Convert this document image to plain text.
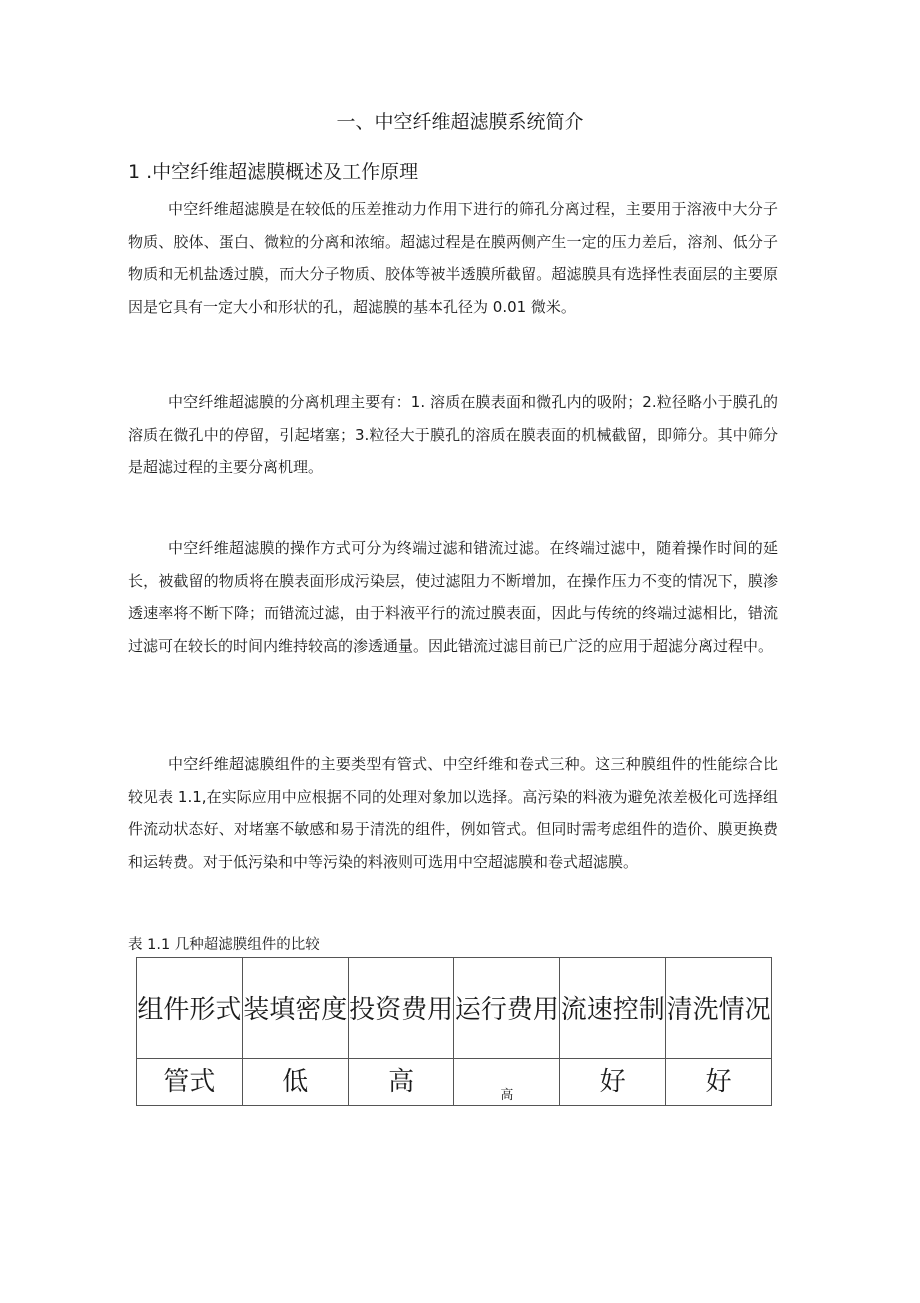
一、中空纤维超滤膜系统简介
1 .中空纤维超滤膜概述及工作原理

中空纤维超滤膜是在较低的压差推动力作用下进行的筛孔分离过程，主要用于溶液中大分子物质、胶体、蛋白、微粒的分离和浓缩。超滤过程是在膜两侧产生一定的压力差后，溶剂、低分子物质和无机盐透过膜，而大分子物质、胶体等被半透膜所截留。超滤膜具有选择性表面层的主要原因是它具有一定大小和形状的孔，超滤膜的基本孔径为 0.01 微米。

中空纤维超滤膜的分离机理主要有：1. 溶质在膜表面和微孔内的吸附；2.粒径略小于膜孔的溶质在微孔中的停留，引起堵塞；3.粒径大于膜孔的溶质在膜表面的机械截留，即筛分。其中筛分是超滤过程的主要分离机理。

中空纤维超滤膜的操作方式可分为终端过滤和错流过滤。在终端过滤中，随着操作时间的延长，被截留的物质将在膜表面形成污染层，使过滤阻力不断增加，在操作压力不变的情况下，膜渗透速率将不断下降；而错流过滤，由于料液平行的流过膜表面，因此与传统的终端过滤相比，错流过滤可在较长的时间内维持较高的渗透通量。因此错流过滤目前已广泛的应用于超滤分离过程中。

中空纤维超滤膜组件的主要类型有管式、中空纤维和卷式三种。这三种膜组件的性能综合比较见表 1.1,在实际应用中应根据不同的处理对象加以选择。高污染的料液为避免浓差极化可选择组件流动状态好、对堵塞不敏感和易于清洗的组件，例如管式。但同时需考虑组件的造价、膜更换费和运转费。对于低污染和中等污染的料液则可选用中空超滤膜和卷式超滤膜。

表 1.1 几种超滤膜组件的比较
组件形式	装填密度	投资费用	运行费用	流速控制	清洗情况
管式	低	高	高	好	好
